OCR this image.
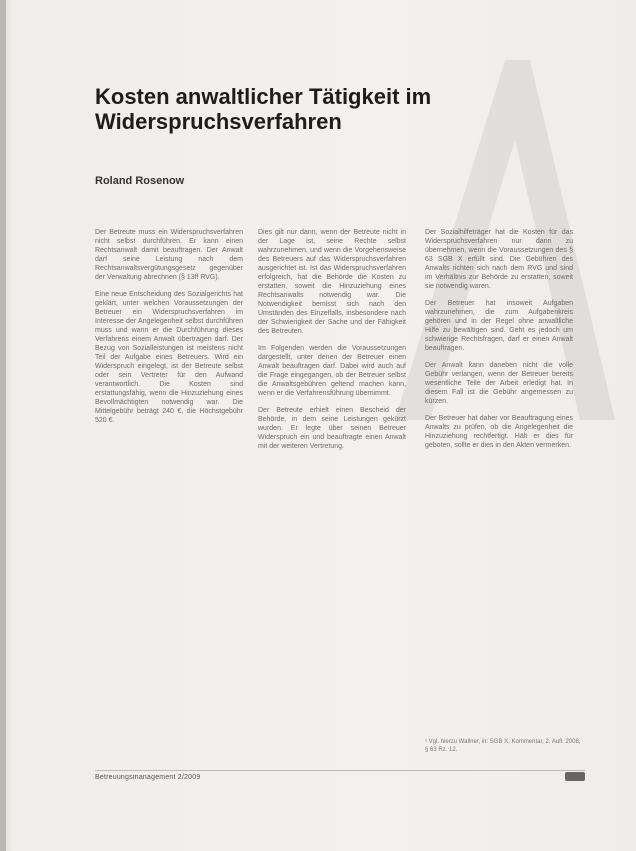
Kosten anwaltlicher Tätigkeit im
Widerspruchsverfahren
Roland Rosenow

Der Betreute muss ein Widerspruchsverfahren nicht selbst durchführen. Er kann einen Rechtsanwalt damit beauftragen. Der Anwalt darf seine Leistung nach dem Rechtsanwaltsvergütungsgesetz gegenüber der Verwaltung abrechnen (§ 13ff RVG).

Eine neue Entscheidung des Sozialgerichts hat geklärt, unter welchen Voraussetzungen der Betreuer ein Widerspruchsverfahren im Interesse der Angelegenheit selbst durchführen muss und wann er die Durchführung dieses Verfahrens einem Anwalt übertragen darf. Der Bezug von Sozialleistungen ist meistens nicht Teil der Aufgabe eines Betreuers. Wird ein Widerspruch eingelegt, ist der Betreute selbst oder sein Vertreter für den Aufwand verantwortlich. Die Kosten sind erstattungsfähig, wenn die Hinzuziehung eines Bevollmächtigten notwendig war. Die Mittelgebühr beträgt 240 €, die Höchstgebühr 520 €.

Dies gilt nur dann, wenn der Betreute nicht in der Lage ist, seine Rechte selbst wahrzunehmen, und wenn die Vorgehensweise des Betreuers auf das Widerspruchsverfahren ausgerichtet ist. Ist das Widerspruchsverfahren erfolgreich, hat die Behörde die Kosten zu erstatten, soweit die Hinzuziehung eines Rechtsanwalts notwendig war. Die Notwendigkeit bemisst sich nach den Umständen des Einzelfalls, insbesondere nach der Schwierigkeit der Sache und der Fähigkeit des Betreuten.

Im Folgenden werden die Voraussetzungen dargestellt, unter denen der Betreuer einen Anwalt beauftragen darf. Dabei wird auch auf die Frage eingegangen, ob der Betreuer selbst die Anwaltsgebühren geltend machen kann, wenn er die Verfahrensführung übernimmt.

Der Betreute erhielt einen Bescheid der Behörde, in dem seine Leistungen gekürzt wurden. Er legte über seinen Betreuer Widerspruch ein und beauftragte einen Anwalt mit der weiteren Vertretung.

Der Sozialhilfeträger hat die Kosten für das Widerspruchsverfahren nur dann zu übernehmen, wenn die Voraussetzungen des § 63 SGB X erfüllt sind. Die Gebühren des Anwalts richten sich nach dem RVG und sind im Verhältnis zur Behörde zu erstatten, soweit sie notwendig waren.

Der Betreuer hat insoweit Aufgaben wahrzunehmen, die zum Aufgabenkreis gehören und in der Regel ohne anwaltliche Hilfe zu bewältigen sind. Geht es jedoch um schwierige Rechtsfragen, darf er einen Anwalt beauftragen.

Der Anwalt kann daneben nicht die volle Gebühr verlangen, wenn der Betreuer bereits wesentliche Teile der Arbeit erledigt hat. In diesem Fall ist die Gebühr angemessen zu kürzen.

Der Betreuer hat daher vor Beauftragung eines Anwalts zu prüfen, ob die Angelegenheit die Hinzuziehung rechtfertigt. Hält er dies für geboten, sollte er dies in den Akten vermerken.

¹ Vgl. hierzu Wallner, in: SGB X, Kommentar, 2. Aufl. 2008, § 63 Rz. 12.
Betreuungsmanagement 2/2009
